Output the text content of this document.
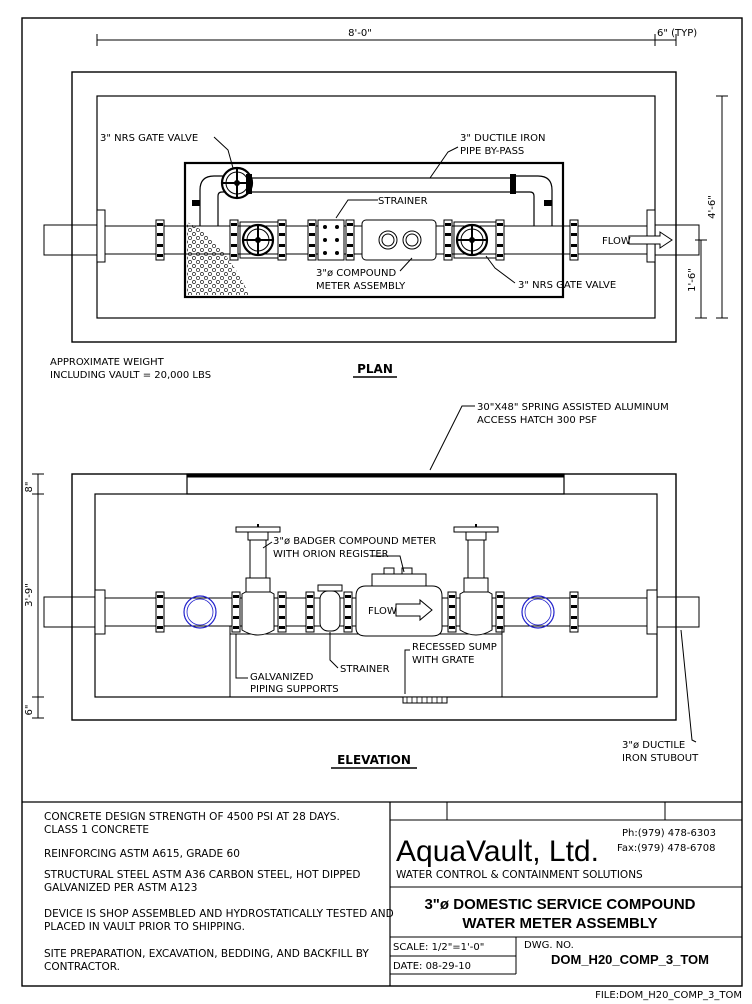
8'-0"	6" (TYP)
4'-6"
1'-6"
3" NRS GATE VALVE	3" DUCTILE IRON
PIPE BY-PASS
STRAINER
FLOW
3"ø COMPOUND
METER ASSEMBLY	3" NRS GATE VALVE
APPROXIMATE WEIGHT
INCLUDING VAULT = 20,000 LBS	PLAN
30"X48" SPRING ASSISTED ALUMINUM
ACCESS HATCH 300 PSF
8"
3'-9"
6"
3"ø BADGER COMPOUND METER
WITH ORION REGISTER
FLOW
RECESSED SUMP
WITH GRATE
STRAINER
GALVANIZED
PIPING SUPPORTS
3"ø DUCTILE
IRON STUBOUT
ELEVATION
CONCRETE DESIGN STRENGTH OF 4500 PSI AT 28 DAYS.
CLASS 1 CONCRETE
REINFORCING ASTM A615, GRADE 60
STRUCTURAL STEEL ASTM A36 CARBON STEEL, HOT DIPPED
GALVANIZED PER ASTM A123
DEVICE IS SHOP ASSEMBLED AND HYDROSTATICALLY TESTED AND
PLACED IN VAULT PRIOR TO SHIPPING.
SITE PREPARATION, EXCAVATION, BEDDING, AND BACKFILL BY
CONTRACTOR.
AquaVault, Ltd.
Ph:(979) 478-6303
Fax:(979) 478-6708
WATER CONTROL & CONTAINMENT SOLUTIONS
3"ø DOMESTIC SERVICE COMPOUND
WATER METER ASSEMBLY
SCALE: 1/2"=1'-0"
DATE: 08-29-10
DWG. NO.
DOM_H20_COMP_3_TOM
FILE:DOM_H20_COMP_3_TOM
